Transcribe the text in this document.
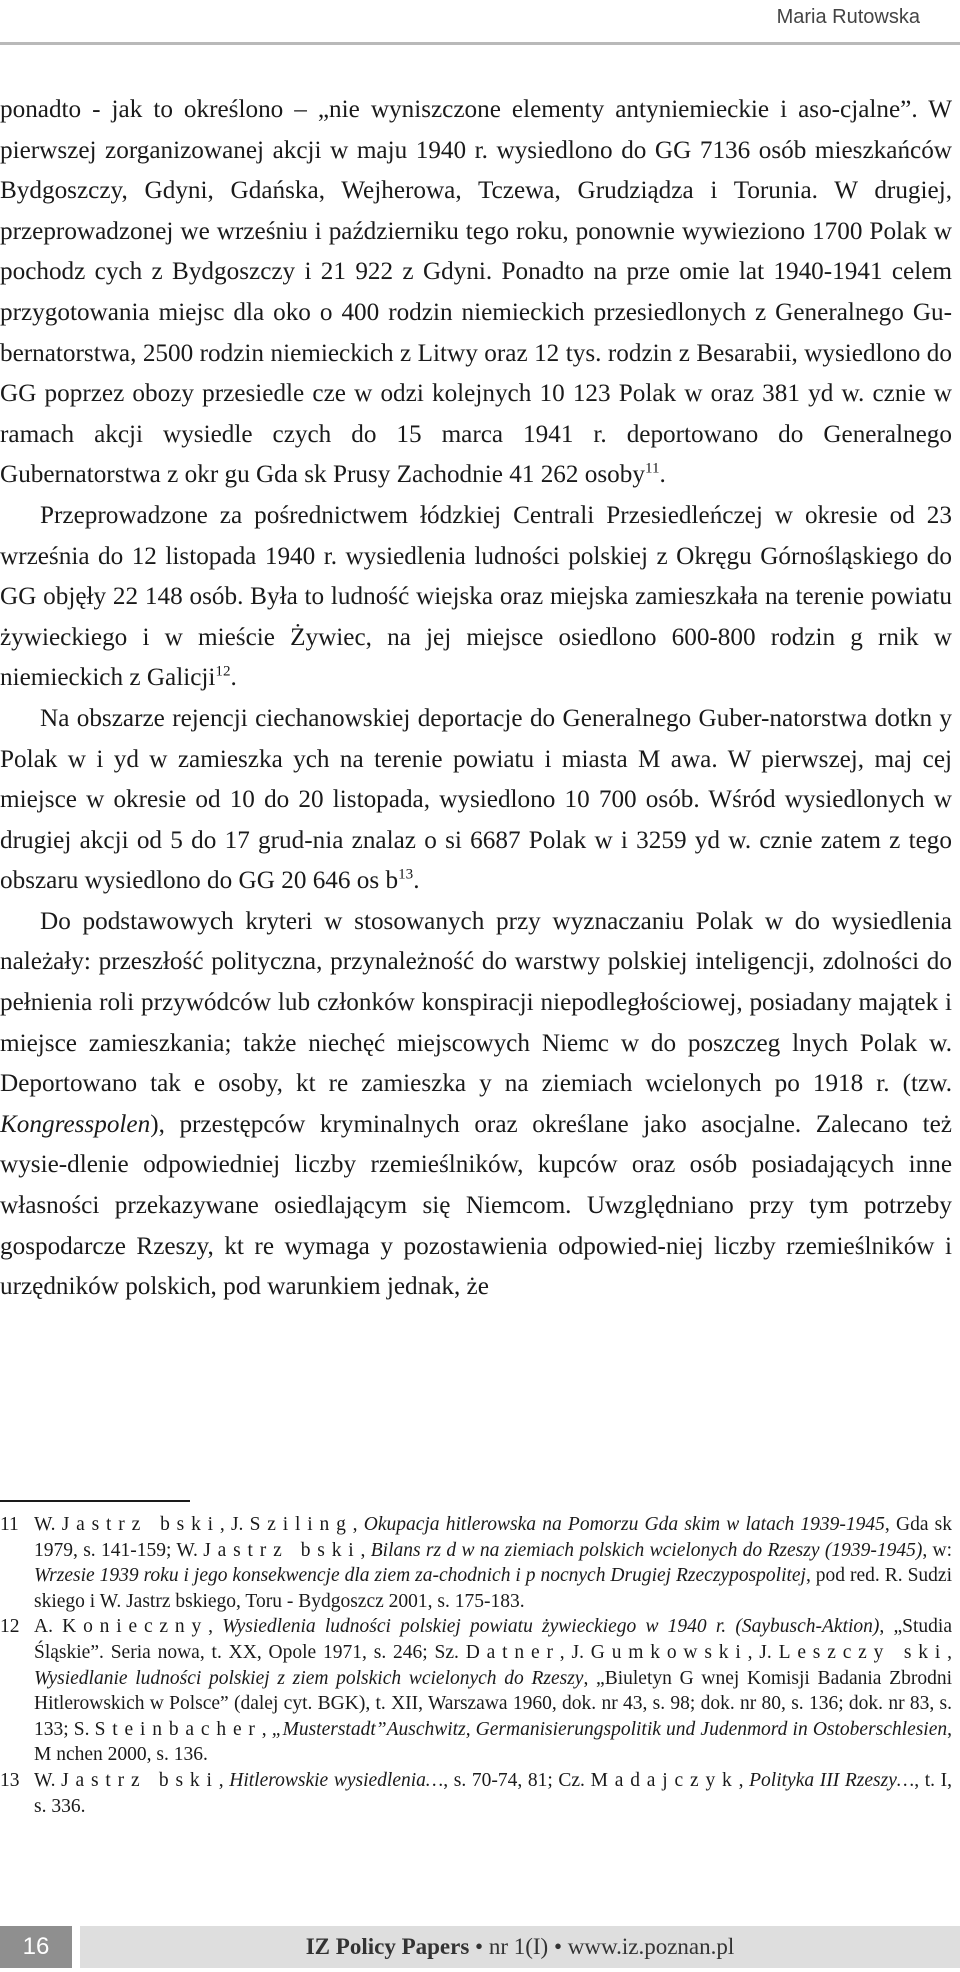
Maria Rutowska

ponadto - jak to określono – „nie wyniszczone elementy antyniemieckie i aso-cjalne”. W pierwszej zorganizowanej akcji w maju 1940 r. wysiedlono do GG 7136 osób mieszkańców Bydgoszczy, Gdyni, Gdańska, Wejherowa, Tczewa, Grudziądza i Torunia. W drugiej, przeprowadzonej we wrześniu i październiku tego roku, ponownie wywieziono 1700 Polak w pochodz cych z Bydgoszczy i 21 922 z Gdyni. Ponadto na prze omie lat 1940-1941 celem przygotowania miejsc dla oko o 400 rodzin niemieckich przesiedlonych z Generalnego Gu-bernatorstwa, 2500 rodzin niemieckich z Litwy oraz 12 tys. rodzin z Besarabii, wysiedlono do GG poprzez obozy przesiedle cze w odzi kolejnych 10 123 Polak w oraz 381 yd w. cznie w ramach akcji wysiedle czych do 15 marca 1941 r. deportowano do Generalnego Gubernatorstwa z okr gu Gda sk Prusy Zachodnie 41 262 osoby$^{11}$.

Przeprowadzone za pośrednictwem łódzkiej Centrali Przesiedleńczej w okresie od 23 września do 12 listopada 1940 r. wysiedlenia ludności polskiej z Okręgu Górnośląskiego do GG objęły 22 148 osób. Była to ludność wiejska oraz miejska zamieszkała na terenie powiatu żywieckiego i w mieście Żywiec, na jej miejsce osiedlono 600-800 rodzin g rnik w niemieckich z Galicji$^{12}$.

Na obszarze rejencji ciechanowskiej deportacje do Generalnego Guber-natorstwa dotkn y Polak w i yd w zamieszka ych na terenie powiatu i miasta M awa. W pierwszej, maj cej miejsce w okresie od 10 do 20 listopada, wysiedlono 10 700 osób. Wśród wysiedlonych w drugiej akcji od 5 do 17 grud-nia znalaz o si 6687 Polak w i 3259 yd w. cznie zatem z tego obszaru wysiedlono do GG 20 646 os $b^{13}$.

Do podstawowych kryteri w stosowanych przy wyznaczaniu Polak w do wysiedlenia należały: przeszłość polityczna, przynależność do warstwy polskiej inteligencji, zdolności do pełnienia roli przywódców lub członków konspiracji niepodległościowej, posiadany majątek i miejsce zamieszkania; także niechęć miejscowych Niemc w do poszczeg lnych Polak w. Deportowano tak e osoby, kt re zamieszka y na ziemiach wcielonych po 1918 r. (tzw. Kongresspolen), przestępców kryminalnych oraz określane jako asocjalne. Zalecano też wysie-dlenie odpowiedniej liczby rzemieślników, kupców oraz osób posiadających inne własności przekazywane osiedlającym się Niemcom. Uwzględniano przy tym potrzeby gospodarcze Rzeszy, kt re wymaga y pozostawienia odpowied-niej liczby rzemieślników i urzędników polskich, pod warunkiem jednak, że

11 W. Jastrz bski, J. Sziling, Okupacja hitlerowska na Pomorzu Gda skim w latach 1939-1945, Gda sk 1979, s. 141-159; W. Jastrz bski, Bilans rz d w na ziemiach polskich wcielonych do Rzeszy (1939-1945), w: Wrzesie 1939 roku i jego konsekwencje dla ziem za-chodnich i p nocnych Drugiej Rzeczypospolitej, pod red. R. Sudzi skiego i W. Jastrz bskiego, Toru - Bydgoszcz 2001, s. 175-183.

12 A. Konieczny, Wysiedlenia ludności polskiej powiatu żywieckiego w 1940 r. (Saybusch-Aktion), „Studia Śląskie”. Seria nowa, t. XX, Opole 1971, s. 246; Sz. Datner, J. Gumkowski, J. Leszczy ski, Wysiedlanie ludności polskiej z ziem polskich wcielonych do Rzeszy, „Biuletyn G wnej Komisji Badania Zbrodni Hitlerowskich w Polsce” (dalej cyt. BGK), t. XII, Warszawa 1960, dok. nr 43, s. 98; dok. nr 80, s. 136; dok. nr 83, s. 133; S. Steinbacher, „Musterstadt”Auschwitz, Germanisierungspolitik und Judenmord in Ostoberschlesien, M nchen 2000, s. 136.

13 W. Jastrz bski, Hitlerowskie wysiedlenia…, s. 70-74, 81; Cz. Madajczyk, Polityka III Rzeszy…, t. I, s. 336.

16	IZ Policy Papers • nr 1(I) • www.iz.poznan.pl
